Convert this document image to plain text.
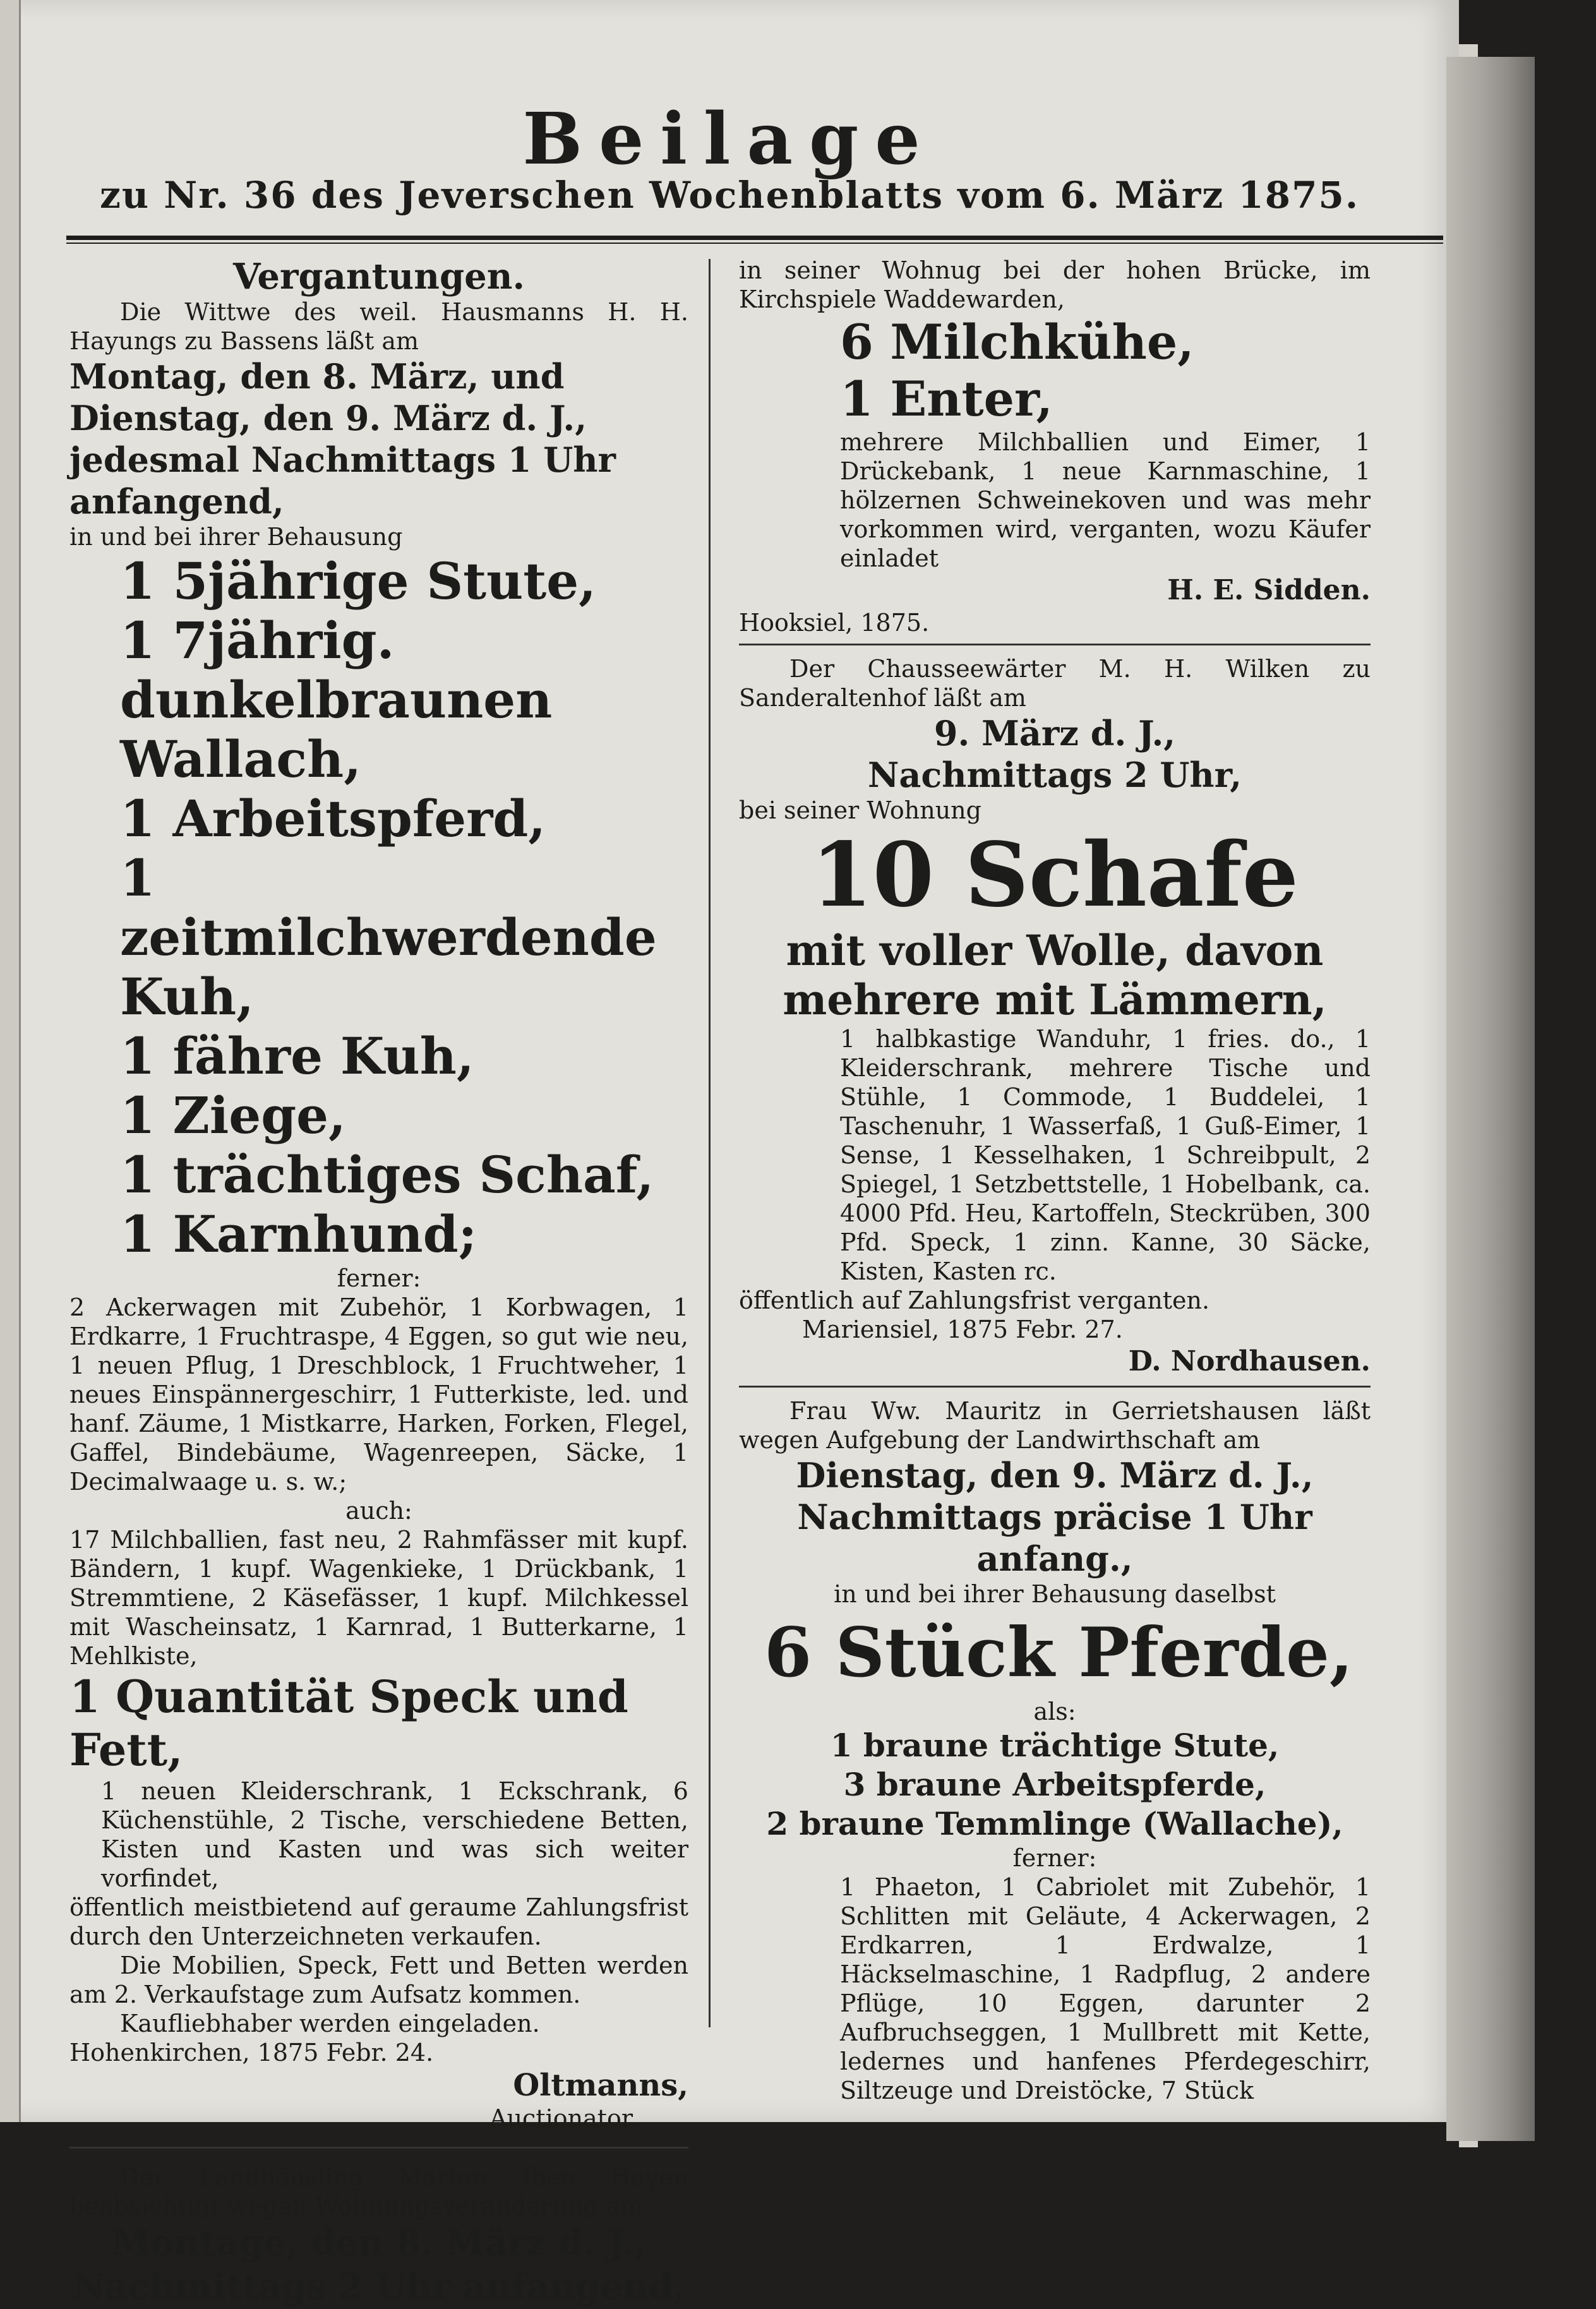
Beilage
zu Nr. 36 des Jeverschen Wochenblatts vom 6. März 1875.
Vergantungen.
Die Wittwe des weil. Hausmanns H. H. Hayungs zu Bassens läßt am
Montag, den 8. März, und Dienstag, den 9. März d. J., jedesmal Nachmittags 1 Uhr anfangend,
in und bei ihrer Behausung
1 5jährige Stute,
1 7jährig. dunkelbraunen Wallach,
1 Arbeitspferd,
1 zeitmilchwerdende Kuh,
1 fähre Kuh,
1 Ziege,
1 trächtiges Schaf,
1 Karnhund;
ferner:
2 Ackerwagen mit Zubehör, 1 Korbwagen, 1 Erdkarre, 1 Fruchtraspe, 4 Eggen, so gut wie neu, 1 neuen Pflug, 1 Dreschblock, 1 Fruchtweher, 1 neues Einspännergeschirr, 1 Futterkiste, led. und hanf. Zäume, 1 Mistkarre, Harken, Forken, Flegel, Gaffel, Bindebäume, Wagenreepen, Säcke, 1 Decimalwaage u. s. w.;
auch:
17 Milchballien, fast neu, 2 Rahmfässer mit kupf. Bändern, 1 kupf. Wagenkieke, 1 Drückbank, 1 Stremmtiene, 2 Käsefässer, 1 kupf. Milchkessel mit Wascheinsatz, 1 Karnrad, 1 Butterkarne, 1 Mehlkiste,
1 Quantität Speck und Fett,
1 neuen Kleiderschrank, 1 Eckschrank, 6 Küchenstühle, 2 Tische, verschiedene Betten, Kisten und Kasten und was sich weiter vorfindet,
öffentlich meistbietend auf geraume Zahlungsfrist durch den Unterzeichneten verkaufen.
Die Mobilien, Speck, Fett und Betten werden am 2. Verkaufstage zum Aufsatz kommen.
Kaufliebhaber werden eingeladen.
Hohenkirchen, 1875 Febr. 24.
Oltmanns,
Auctionator.
Der Landhäusling Marten Iben Hayen beabsichtigt wegen Wohnungsveränderung am
Montage, den 8. März d. J.,
Nachmittags 2 Uhr anfangend,
in seiner Wohnug bei der hohen Brücke, im Kirchspiele Waddewarden,
6 Milchkühe,
1 Enter,
mehrere Milchballien und Eimer, 1 Drückebank, 1 neue Karnmaschine, 1 hölzernen Schweinekoven und was mehr vorkommen wird, verganten, wozu Käufer einladet
H. E. Sidden.
Hooksiel, 1875.
Der Chausseewärter M. H. Wilken zu Sanderaltenhof läßt am
9. März d. J.,
Nachmittags 2 Uhr,
bei seiner Wohnung
10 Schafe
mit voller Wolle, davon mehrere mit Lämmern,
1 halbkastige Wanduhr, 1 fries. do., 1 Kleiderschrank, mehrere Tische und Stühle, 1 Commode, 1 Buddelei, 1 Taschenuhr, 1 Wasserfaß, 1 Guß-Eimer, 1 Sense, 1 Kesselhaken, 1 Schreibpult, 2 Spiegel, 1 Setzbettstelle, 1 Hobelbank, ca. 4000 Pfd. Heu, Kartoffeln, Steckrüben, 300 Pfd. Speck, 1 zinn. Kanne, 30 Säcke, Kisten, Kasten rc.
öffentlich auf Zahlungsfrist verganten.
Mariensiel, 1875 Febr. 27.
D. Nordhausen.
Frau Ww. Mauritz in Gerrietshausen läßt wegen Aufgebung der Landwirthschaft am
Dienstag, den 9. März d. J.,
Nachmittags präcise 1 Uhr anfang.,
in und bei ihrer Behausung daselbst
6 Stück Pferde,
als:
1 braune trächtige Stute,
3 braune Arbeitspferde,
2 braune Temmlinge (Wallache),
ferner:
1 Phaeton, 1 Cabriolet mit Zubehör, 1 Schlitten mit Geläute, 4 Ackerwagen, 2 Erdkarren, 1 Erdwalze, 1 Häckselmaschine, 1 Radpflug, 2 andere Pflüge, 10 Eggen, darunter 2 Aufbruchseggen, 1 Mullbrett mit Kette, ledernes und hanfenes Pferdegeschirr, Siltzeuge und Dreistöcke, 7 Stück
